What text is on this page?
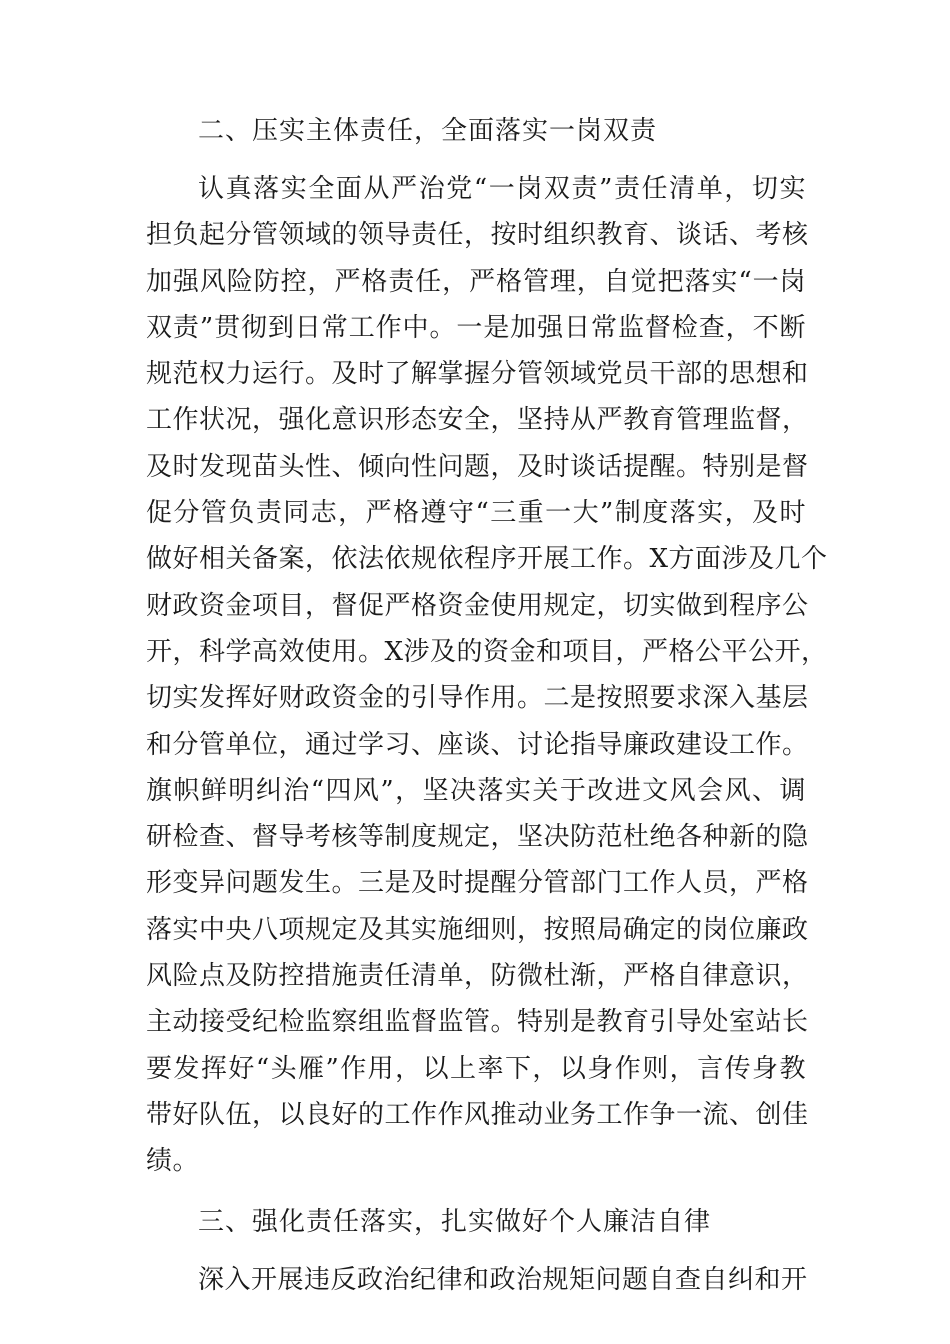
二、压实主体责任，全面落实一岗双责
认真落实全面从严治党“一岗双责”责任清单，切实
担负起分管领域的领导责任，按时组织教育、谈话、考核
加强风险防控，严格责任，严格管理，自觉把落实“一岗
双责”贯彻到日常工作中。一是加强日常监督检查，不断
规范权力运行。及时了解掌握分管领域党员干部的思想和
工作状况，强化意识形态安全，坚持从严教育管理监督，
及时发现苗头性、倾向性问题，及时谈话提醒。特别是督
促分管负责同志，严格遵守“三重一大”制度落实，及时
做好相关备案，依法依规依程序开展工作。X方面涉及几个
财政资金项目，督促严格资金使用规定，切实做到程序公
开，科学高效使用。X涉及的资金和项目，严格公平公开，
切实发挥好财政资金的引导作用。二是按照要求深入基层
和分管单位，通过学习、座谈、讨论指导廉政建设工作。
旗帜鲜明纠治“四风”，坚决落实关于改进文风会风、调
研检查、督导考核等制度规定，坚决防范杜绝各种新的隐
形变异问题发生。三是及时提醒分管部门工作人员，严格
落实中央八项规定及其实施细则，按照局确定的岗位廉政
风险点及防控措施责任清单，防微杜渐，严格自律意识，
主动接受纪检监察组监督监管。特别是教育引导处室站长
要发挥好“头雁”作用，以上率下，以身作则，言传身教
带好队伍，以良好的工作作风推动业务工作争一流、创佳
绩。
三、强化责任落实，扎实做好个人廉洁自律
深入开展违反政治纪律和政治规矩问题自查自纠和开
